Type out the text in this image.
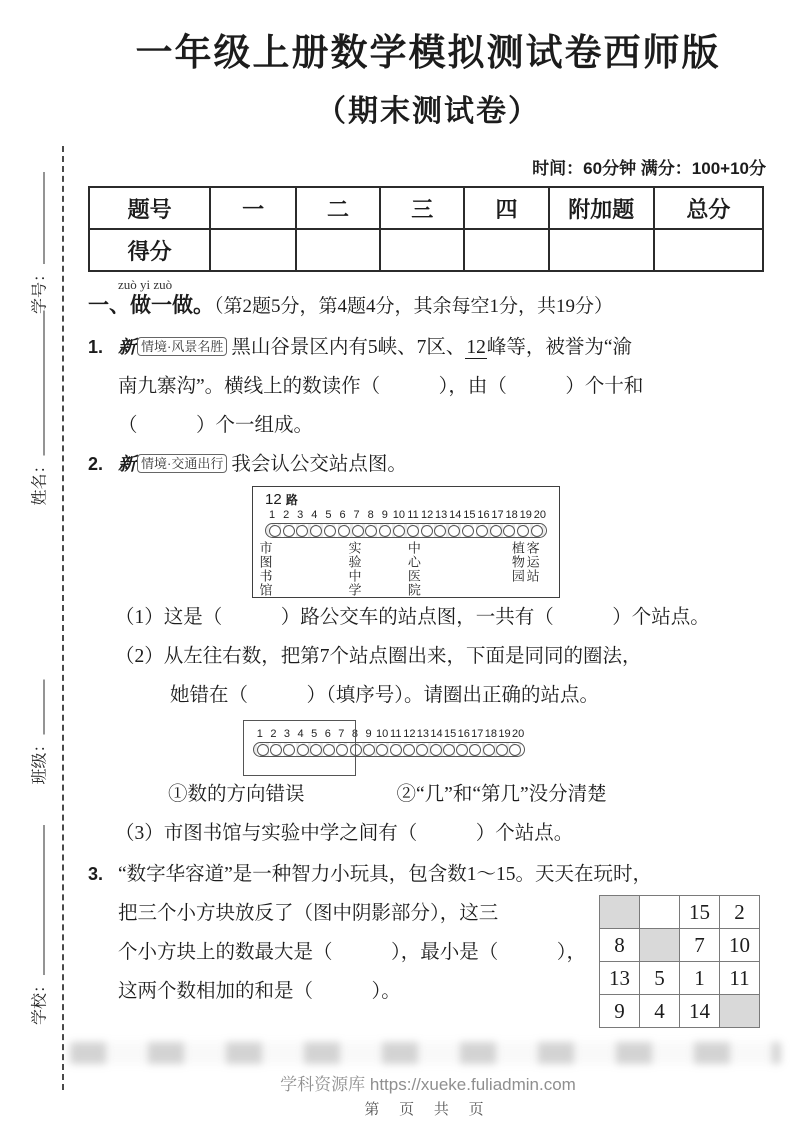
学号：
姓名：
班级：
学校：
一年级上册数学模拟测试卷西师版
（期末测试卷）
时间：60分钟 满分：100+10分
题号	一	二	三	四	附加题	总分
得分						
zuò yi zuò
一、做一做。（第2题5分，第4题4分，其余每空1分，共19分）
1. 新 情境·风景名胜 黑山谷景区内有5峡、7区、12峰等，被誉为“渝
南九寨沟”。横线上的数读作（　　　），由（　　　）个十和
（　　　）个一组成。
2. 新 情境·交通出行 我会认公交站点图。
12 路
1 2 3 4 5 6 7 8 9 10 11 12 13 14 15 16 17 18 19 20
市图书馆	实验中学	中心医院	植物园 客运站
（1）这是（　　　）路公交车的站点图，一共有（　　　）个站点。
（2）从左往右数，把第7个站点圈出来，下面是同同的圈法，
她错在（　　　）（填序号）。请圈出正确的站点。
1 2 3 4 5 6 7 8 9 10 11 12 13 14 15 16 17 18 19 20
①数的方向错误	②“几”和“第几”没分清楚
（3）市图书馆与实验中学之间有（　　　）个站点。
3. “数字华容道”是一种智力小玩具，包含数1～15。天天在玩时，
把三个小方块放反了（图中阴影部分），这三
个小方块上的数最大是（　　　），最小是（　　　），
这两个数相加的和是（　　　）。
		15	2
8		7	10
13	5	1	11
9	4	14	
学科资源库 https://xueke.fuliadmin.com
第 页 共 页
